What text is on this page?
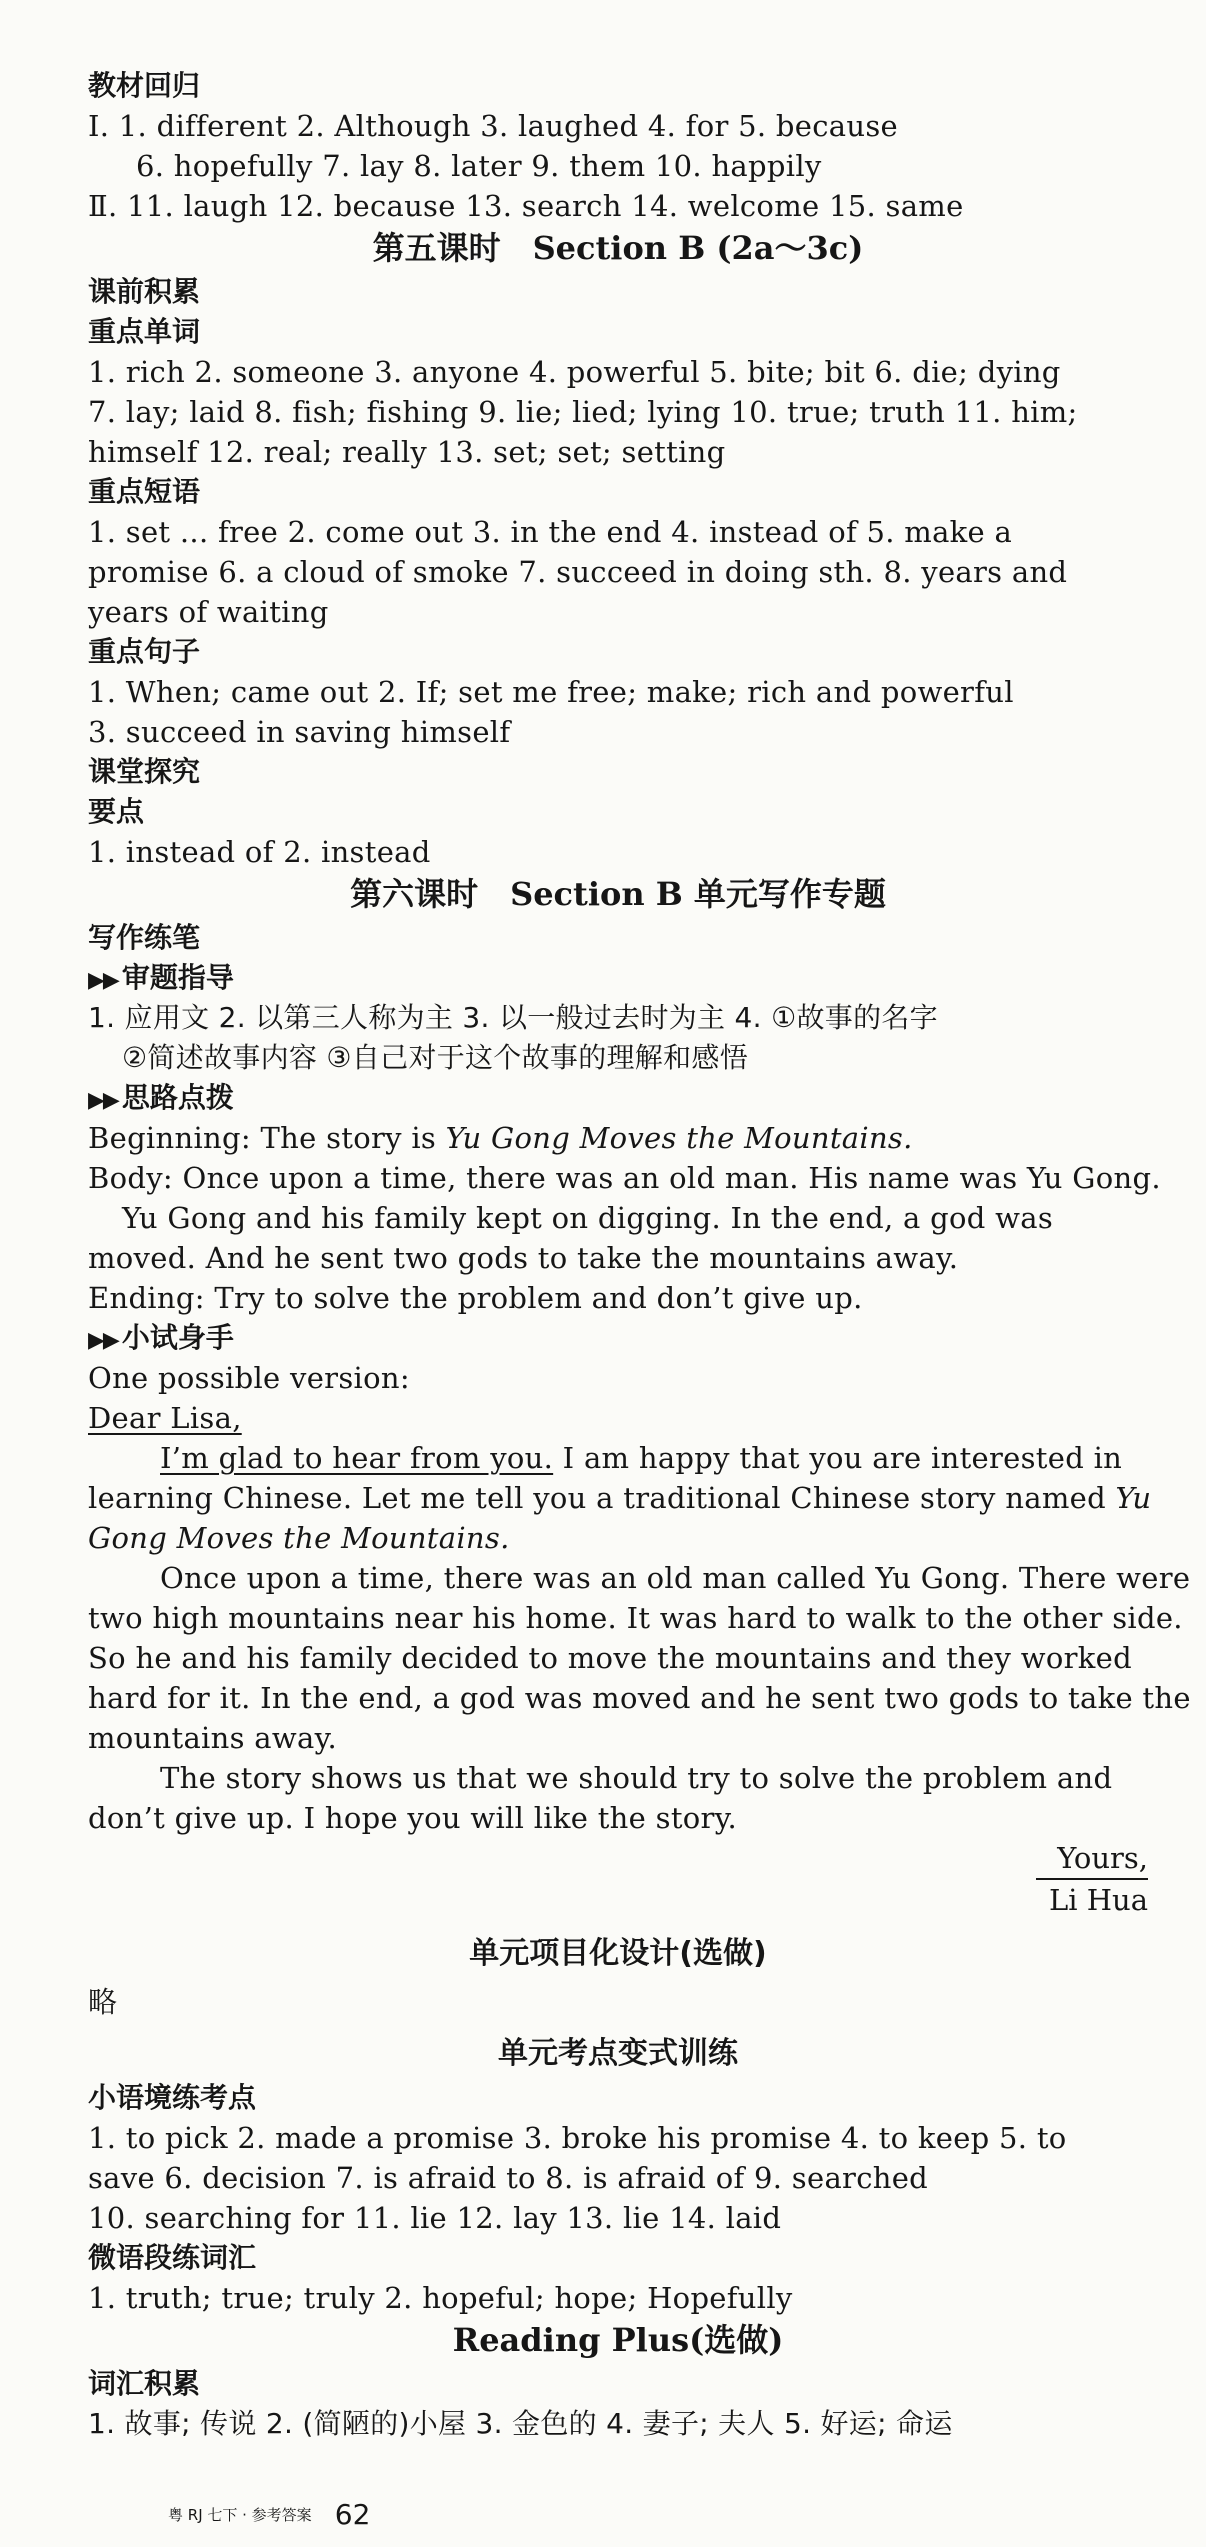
教材回归
Ⅰ. 1. different 2. Although 3. laughed 4. for 5. because
6. hopefully 7. lay 8. later 9. them 10. happily
Ⅱ. 11. laugh 12. because 13. search 14. welcome 15. same
第五课时　Section B (2a～3c)
课前积累
重点单词
1. rich 2. someone 3. anyone 4. powerful 5. bite; bit 6. die; dying
7. lay; laid 8. fish; fishing 9. lie; lied; lying 10. true; truth 11. him;
himself 12. real; really 13. set; set; setting
重点短语
1. set ... free 2. come out 3. in the end 4. instead of 5. make a
promise 6. a cloud of smoke 7. succeed in doing sth. 8. years and
years of waiting
重点句子
1. When; came out 2. If; set me free; make; rich and powerful
3. succeed in saving himself
课堂探究
要点
1. instead of 2. instead
第六课时　Section B 单元写作专题
写作练笔
▶▶ 审题指导
1. 应用文 2. 以第三人称为主 3. 以一般过去时为主 4. ①故事的名字
②简述故事内容 ③自己对于这个故事的理解和感悟
▶▶ 思路点拨
Beginning: The story is Yu Gong Moves the Mountains.
Body: Once upon a time, there was an old man. His name was Yu Gong.
Yu Gong and his family kept on digging. In the end, a god was
moved. And he sent two gods to take the mountains away.
Ending: Try to solve the problem and don’t give up.
▶▶ 小试身手
One possible version:
Dear Lisa,
I’m glad to hear from you. I am happy that you are interested in
learning Chinese. Let me tell you a traditional Chinese story named Yu
Gong Moves the Mountains.
Once upon a time, there was an old man called Yu Gong. There were
two high mountains near his home. It was hard to walk to the other side.
So he and his family decided to move the mountains and they worked
hard for it. In the end, a god was moved and he sent two gods to take the
mountains away.
The story shows us that we should try to solve the problem and
don’t give up. I hope you will like the story.
Yours,
Li Hua
单元项目化设计(选做)
略
单元考点变式训练
小语境练考点
1. to pick 2. made a promise 3. broke his promise 4. to keep 5. to
save 6. decision 7. is afraid to 8. is afraid of 9. searched
10. searching for 11. lie 12. lay 13. lie 14. laid
微语段练词汇
1. truth; true; truly 2. hopeful; hope; Hopefully
Reading Plus(选做)
词汇积累
1. 故事; 传说 2. (简陋的)小屋 3. 金色的 4. 妻子; 夫人 5. 好运; 命运
粤 RJ 七下 · 参考答案 62
